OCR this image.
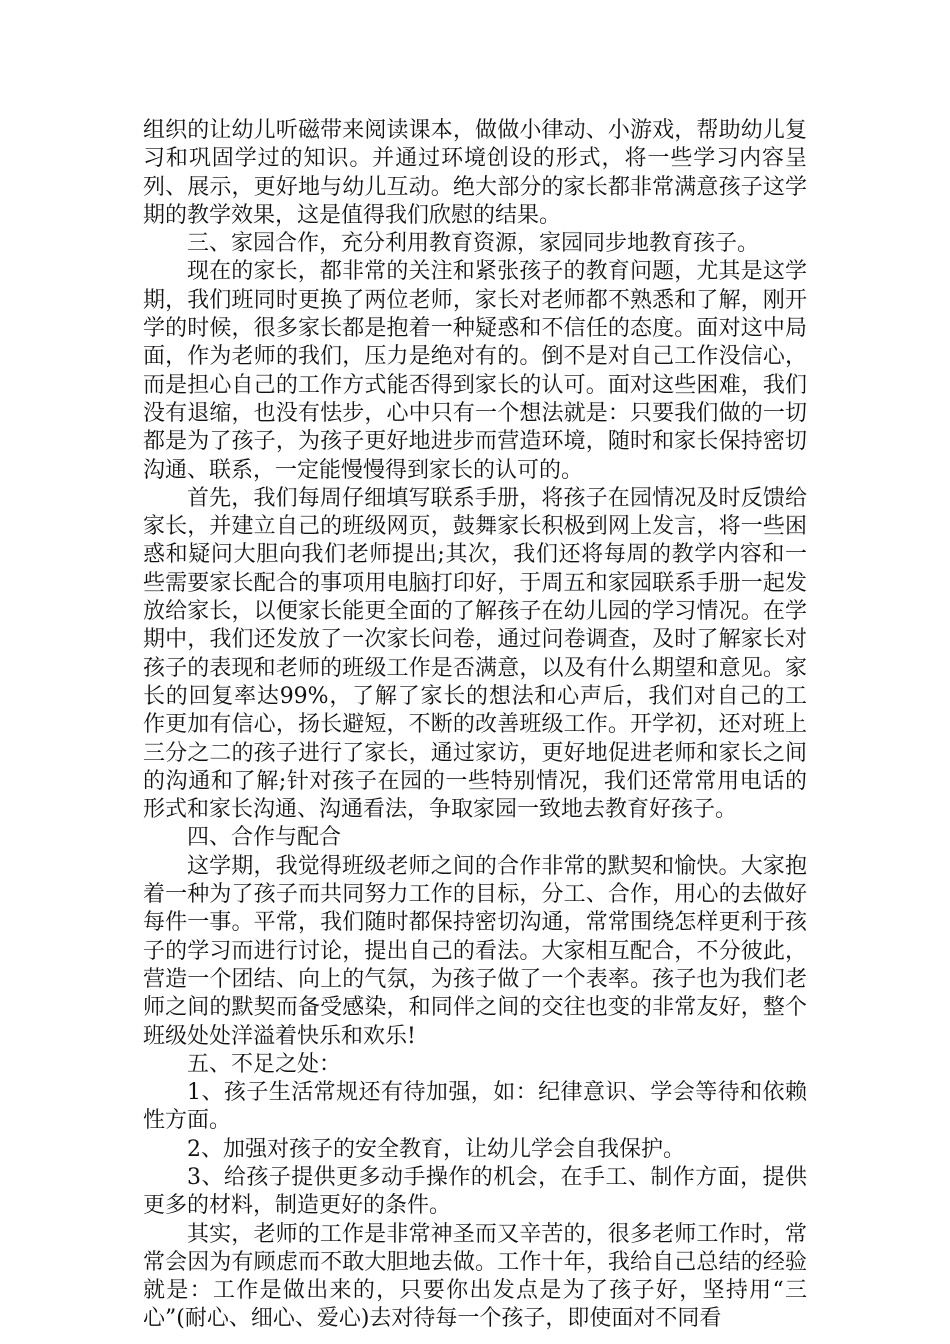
组织的让幼儿听磁带来阅读课本，做做小律动、小游戏，帮助幼儿复习和巩固学过的知识。并通过环境创设的形式，将一些学习内容呈列、展示，更好地与幼儿互动。绝大部分的家长都非常满意孩子这学期的教学效果，这是值得我们欣慰的结果。

三、家园合作，充分利用教育资源，家园同步地教育孩子。

现在的家长，都非常的关注和紧张孩子的教育问题，尤其是这学期，我们班同时更换了两位老师，家长对老师都不熟悉和了解，刚开学的时候，很多家长都是抱着一种疑惑和不信任的态度。面对这中局面，作为老师的我们，压力是绝对有的。倒不是对自己工作没信心，而是担心自己的工作方式能否得到家长的认可。面对这些困难，我们没有退缩，也没有怯步，心中只有一个想法就是：只要我们做的一切都是为了孩子，为孩子更好地进步而营造环境，随时和家长保持密切沟通、联系，一定能慢慢得到家长的认可的。

首先，我们每周仔细填写联系手册，将孩子在园情况及时反馈给家长，并建立自己的班级网页，鼓舞家长积极到网上发言，将一些困惑和疑问大胆向我们老师提出;其次，我们还将每周的教学内容和一些需要家长配合的事项用电脑打印好，于周五和家园联系手册一起发放给家长，以便家长能更全面的了解孩子在幼儿园的学习情况。在学期中，我们还发放了一次家长问卷，通过问卷调查，及时了解家长对孩子的表现和老师的班级工作是否满意，以及有什么期望和意见。家长的回复率达99%，了解了家长的想法和心声后，我们对自己的工作更加有信心，扬长避短，不断的改善班级工作。开学初，还对班上三分之二的孩子进行了家长，通过家访，更好地促进老师和家长之间的沟通和了解;针对孩子在园的一些特别情况，我们还常常用电话的形式和家长沟通、沟通看法，争取家园一致地去教育好孩子。

四、合作与配合

这学期，我觉得班级老师之间的合作非常的默契和愉快。大家抱着一种为了孩子而共同努力工作的目标，分工、合作，用心的去做好每件一事。平常，我们随时都保持密切沟通，常常围绕怎样更利于孩子的学习而进行讨论，提出自己的看法。大家相互配合，不分彼此，营造一个团结、向上的气氛，为孩子做了一个表率。孩子也为我们老师之间的默契而备受感染，和同伴之间的交往也变的非常友好，整个班级处处洋溢着快乐和欢乐!

五、不足之处：

1、孩子生活常规还有待加强，如：纪律意识、学会等待和依赖性方面。

2、加强对孩子的安全教育，让幼儿学会自我保护。

3、给孩子提供更多动手操作的机会，在手工、制作方面，提供更多的材料，制造更好的条件。

其实，老师的工作是非常神圣而又辛苦的，很多老师工作时，常常会因为有顾虑而不敢大胆地去做。工作十年，我给自己总结的经验就是：工作是做出来的，只要你出发点是为了孩子好，坚持用“三心”(耐心、细心、爱心)去对待每一个孩子，即使面对不同看
